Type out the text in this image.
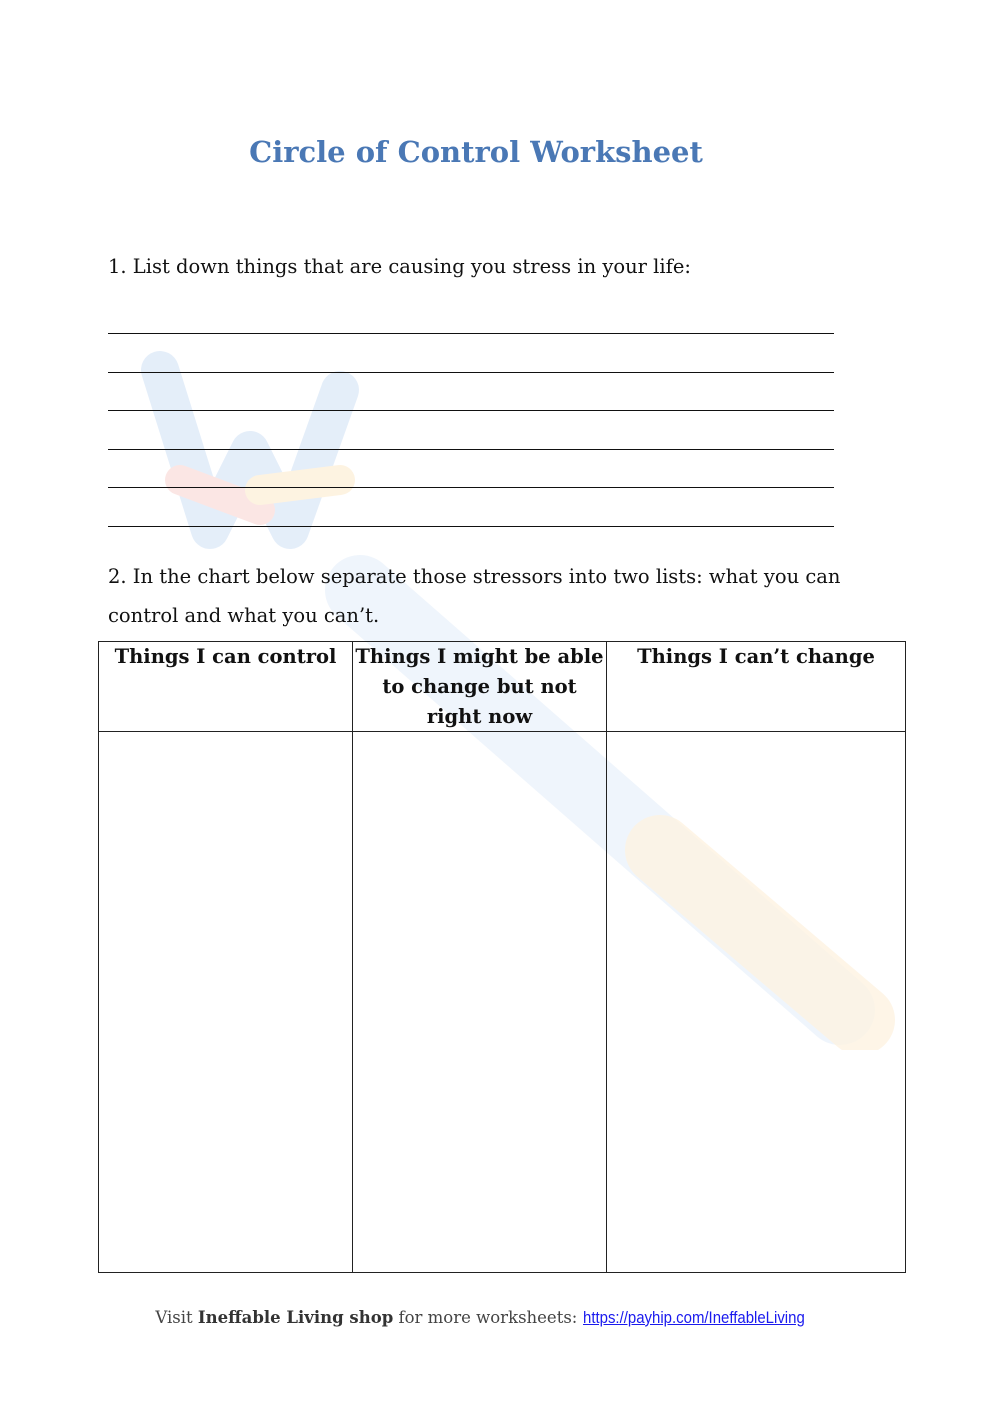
Circle of Control Worksheet
1. List down things that are causing you stress in your life:
2. In the chart below separate those stressors into two lists: what you can control and what you can’t.
Things I can control Things I might be able to change but not right now
Things I can’t change
Visit Ineffable Living shop for more worksheets: https://payhip.com/IneffableLiving
